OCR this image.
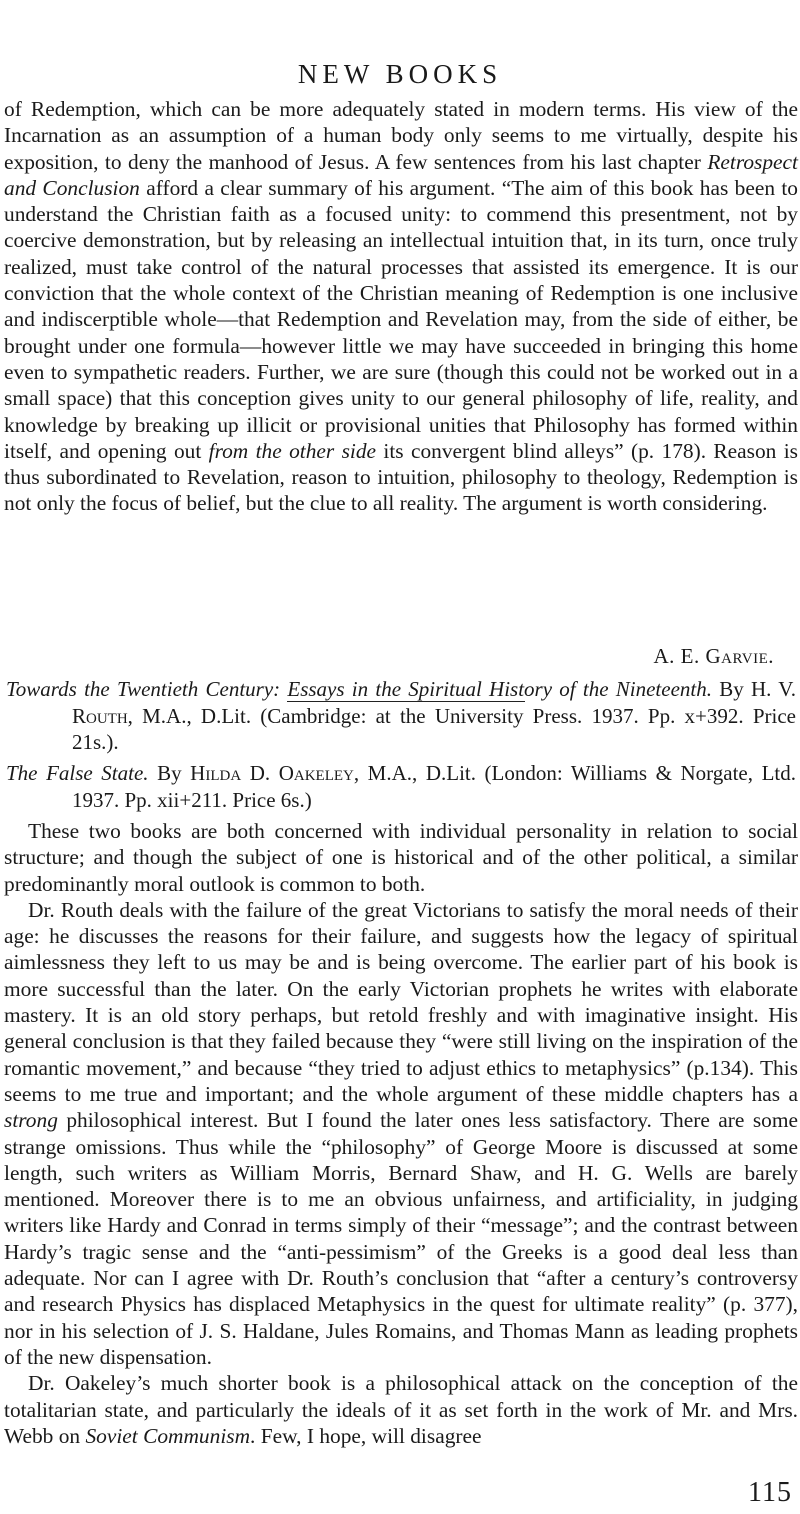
NEW BOOKS

of Redemption, which can be more adequately stated in modern terms. His view of the Incarnation as an assumption of a human body only seems to me virtually, despite his exposition, to deny the manhood of Jesus. A few sentences from his last chapter Retrospect and Conclusion afford a clear summary of his argument. “The aim of this book has been to understand the Christian faith as a focused unity: to commend this presentment, not by coercive demonstration, but by releasing an intellectual intuition that, in its turn, once truly realized, must take control of the natural processes that assisted its emergence. It is our conviction that the whole context of the Christian meaning of Redemption is one inclusive and indiscerptible whole—that Redemption and Revelation may, from the side of either, be brought under one formula—however little we may have succeeded in bringing this home even to sympathetic readers. Further, we are sure (though this could not be worked out in a small space) that this conception gives unity to our general philosophy of life, reality, and knowledge by breaking up illicit or provisional unities that Philosophy has formed within itself, and opening out from the other side its convergent blind alleys” (p. 178). Reason is thus subordinated to Revelation, reason to intuition, philosophy to theology, Redemption is not only the focus of belief, but the clue to all reality. The argument is worth considering.

A. E. Garvie.
Towards the Twentieth Century: Essays in the Spiritual History of the Nineteenth. By H. V. Routh, M.A., D.Lit. (Cambridge: at the University Press. 1937. Pp. x+392. Price 21s.).
The False State. By Hilda D. Oakeley, M.A., D.Lit. (London: Williams & Norgate, Ltd. 1937. Pp. xii+211. Price 6s.)

These two books are both concerned with individual personality in relation to social structure; and though the subject of one is historical and of the other political, a similar predominantly moral outlook is common to both.

Dr. Routh deals with the failure of the great Victorians to satisfy the moral needs of their age: he discusses the reasons for their failure, and suggests how the legacy of spiritual aimlessness they left to us may be and is being overcome. The earlier part of his book is more successful than the later. On the early Victorian prophets he writes with elaborate mastery. It is an old story perhaps, but retold freshly and with imaginative insight. His general conclusion is that they failed because they “were still living on the inspiration of the romantic movement,” and because “they tried to adjust ethics to metaphysics” (p.134). This seems to me true and important; and the whole argument of these middle chapters has a strong philosophical interest. But I found the later ones less satisfactory. There are some strange omissions. Thus while the “philosophy” of George Moore is discussed at some length, such writers as William Morris, Bernard Shaw, and H. G. Wells are barely mentioned. Moreover there is to me an obvious unfairness, and artificiality, in judging writers like Hardy and Conrad in terms simply of their “message”; and the contrast between Hardy’s tragic sense and the “anti-pessimism” of the Greeks is a good deal less than adequate. Nor can I agree with Dr. Routh’s conclusion that “after a century’s controversy and research Physics has displaced Metaphysics in the quest for ultimate reality” (p. 377), nor in his selection of J. S. Haldane, Jules Romains, and Thomas Mann as leading prophets of the new dispensation.

Dr. Oakeley’s much shorter book is a philosophical attack on the conception of the totalitarian state, and particularly the ideals of it as set forth in the work of Mr. and Mrs. Webb on Soviet Communism. Few, I hope, will disagree

115
